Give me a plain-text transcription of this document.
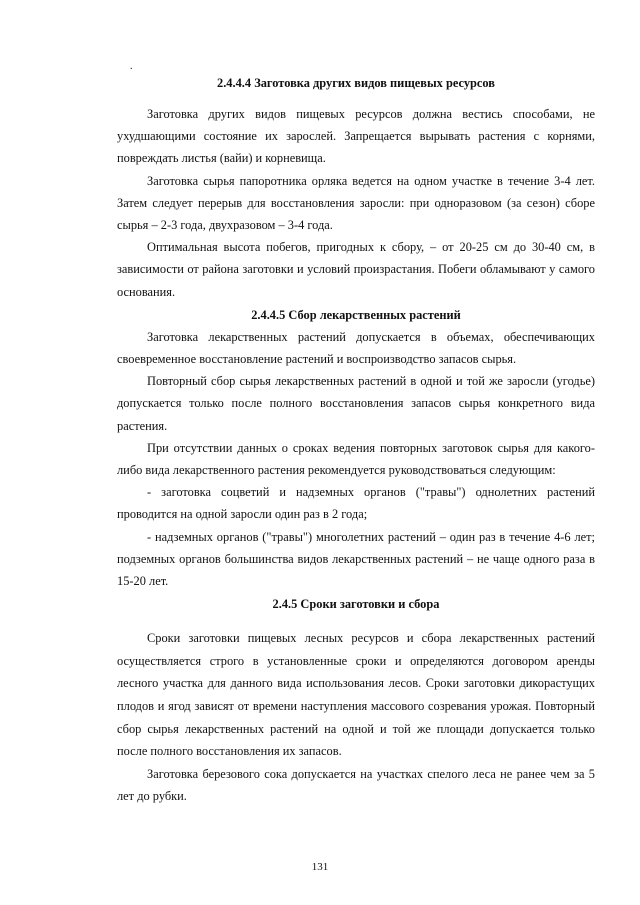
.
2.4.4.4 Заготовка других видов пищевых ресурсов

Заготовка других видов пищевых ресурсов должна вестись способами, не ухудшающими состояние их зарослей. Запрещается вырывать растения с корнями, повреждать листья (вайи) и корневища.

Заготовка сырья папоротника орляка ведется на одном участке в течение 3-4 лет. Затем следует перерыв для восстановления заросли: при одноразовом (за сезон) сборе сырья – 2-3 года, двухразовом – 3-4 года.

Оптимальная высота побегов, пригодных к сбору, – от 20-25 см до 30-40 см, в зависимости от района заготовки и условий произрастания. Побеги обламывают у самого основания.

2.4.4.5 Сбор лекарственных растений

Заготовка лекарственных растений допускается в объемах, обеспечивающих своевременное восстановление растений и воспроизводство запасов сырья.

Повторный сбор сырья лекарственных растений в одной и той же заросли (угодье) допускается только после полного восстановления запасов сырья конкретного вида растения.

При отсутствии данных о сроках ведения повторных заготовок сырья для какого-либо вида лекарственного растения рекомендуется руководствоваться следующим:

- заготовка соцветий и надземных органов ("травы") однолетних растений проводится на одной заросли один раз в 2 года;

- надземных органов ("травы") многолетних растений – один раз в течение 4-6 лет; подземных органов большинства видов лекарственных растений – не чаще одного раза в 15-20 лет.

2.4.5 Сроки заготовки и сбора

Сроки заготовки пищевых лесных ресурсов и сбора лекарственных растений осуществляется строго в установленные сроки и определяются договором аренды лесного участка для данного вида использования лесов. Сроки заготовки дикорастущих плодов и ягод зависят от времени наступления массового созревания урожая. Повторный сбор сырья лекарственных растений на одной и той же площади допускается только после полного восстановления их запасов.

Заготовка березового сока допускается на участках спелого леса не ранее чем за 5 лет до рубки.

131
